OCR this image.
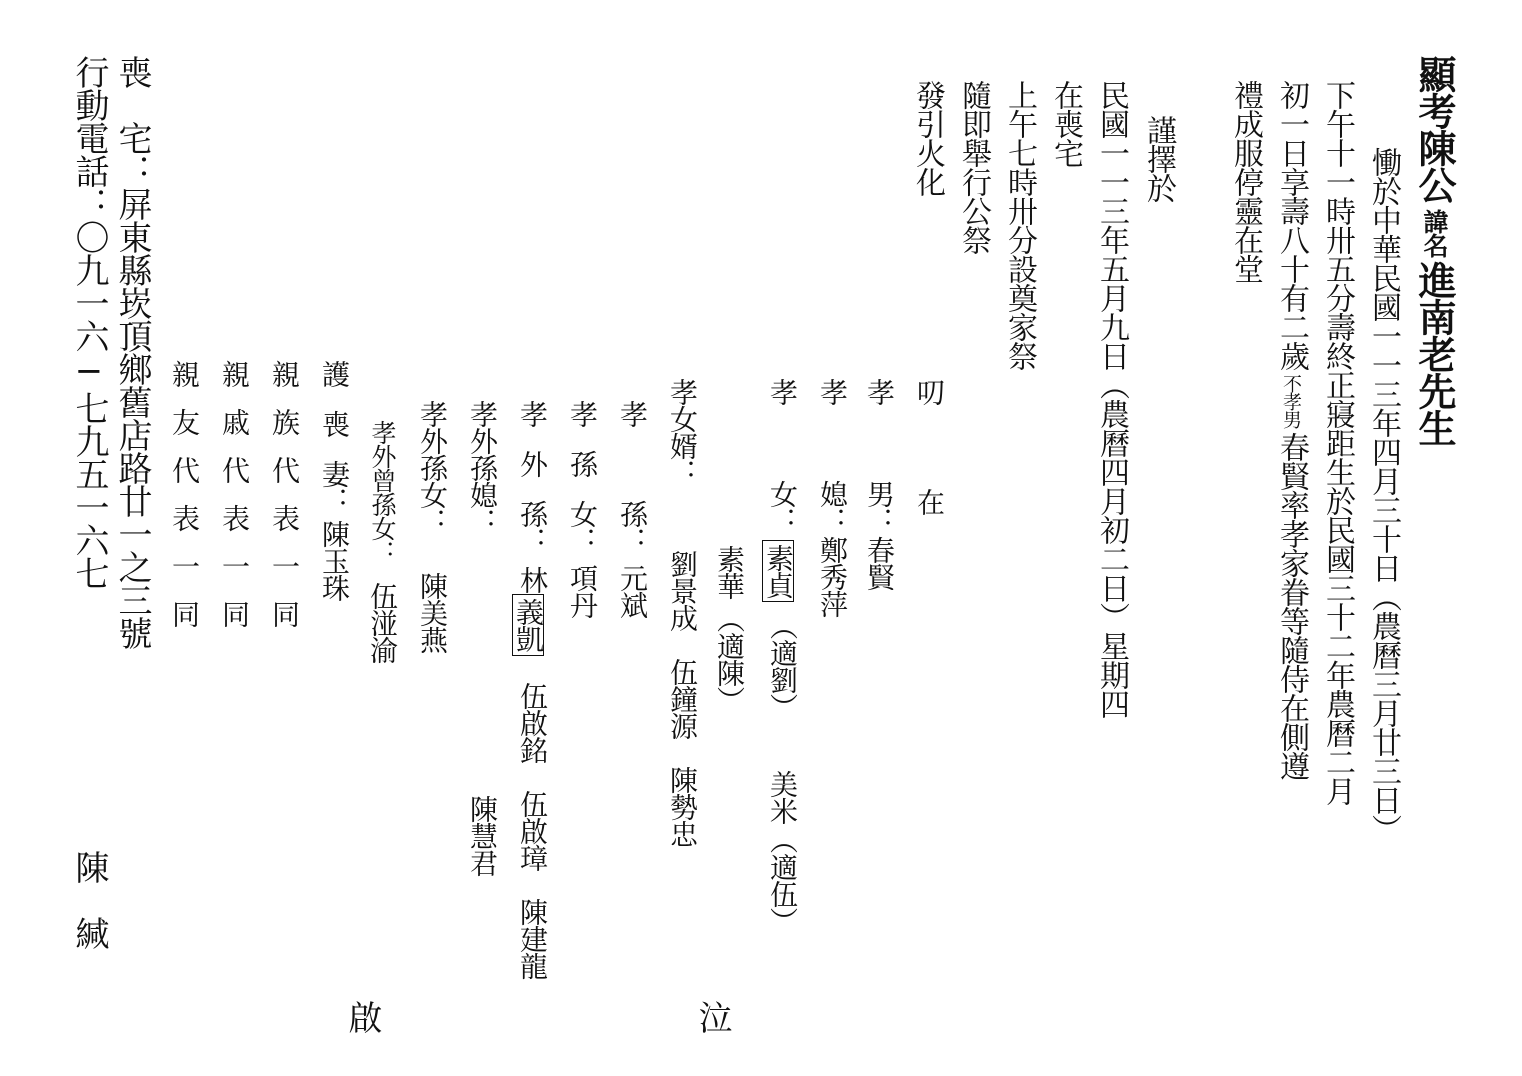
顯考陳公諱名進南老先生
慟於中華民國一一三年四月三十日︵農曆三月廿三日︶
下午十一時卅五分壽終正寢距生於民國三十二年農曆二月
初一日享壽八十有二歲不孝男春賢率孝家眷等隨侍在側遵
禮成服停靈在堂
謹擇於
民國一一三年五月九日︵農曆四月初二日︶星期四
在喪宅
上午七時卅分設奠家祭
隨即舉行公祭
發引火化
叨
在
孝
男：
春賢
孝
媳：
鄭秀萍
孝
女：
素貞
︵適劉︶
美米
︵適伍︶
素華
︵適陳︶
孝女婿：
劉景成　伍鐘源　陳勢忠
孝
孫：
元斌
孝
孫
女：
項丹
孝
外
孫：
林
義凱
伍啟銘　伍啟璋　陳建龍
孝外孫媳：
陳慧君
孝外孫女：
陳美燕
孝外曾孫女：
伍湴渝
護
喪
妻：
陳玉珠
親族代表一同
親戚代表一同
親友代表一同
泣
啟
喪　宅：屏東縣崁頂鄉舊店路廿一之三號
行動電話：〇九一六─七九五一六七
陳　緘
